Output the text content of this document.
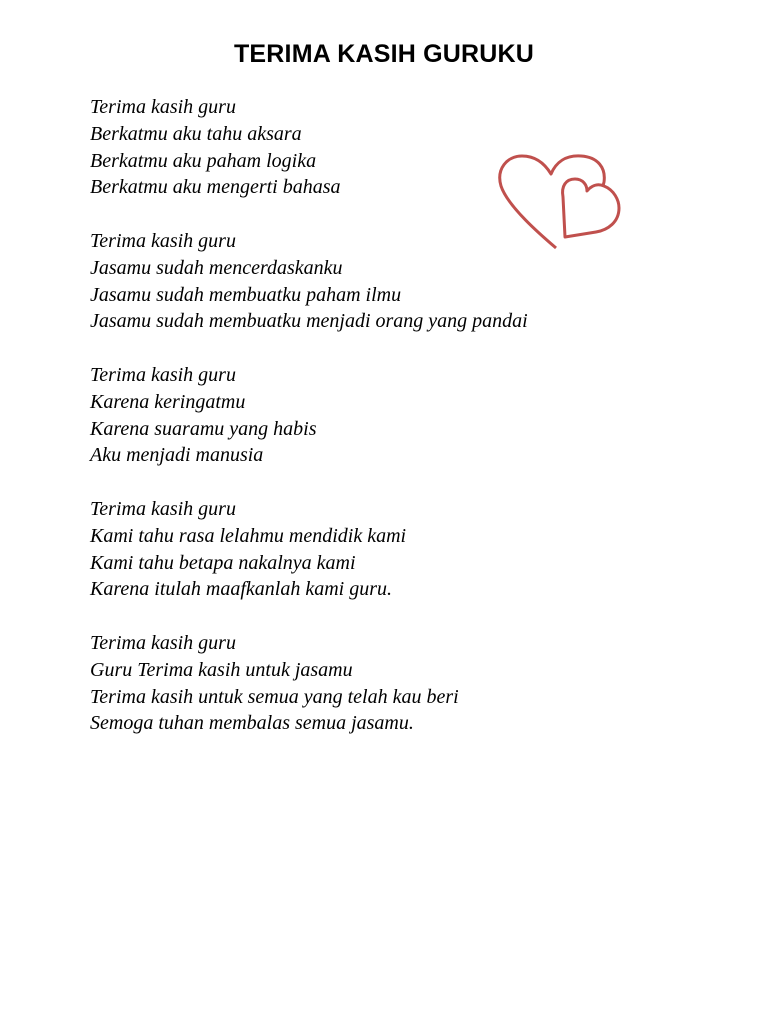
TERIMA KASIH GURUKU
Terima kasih guru
Berkatmu aku tahu aksara
Berkatmu aku paham logika
Berkatmu aku mengerti bahasa
Terima kasih guru
Jasamu sudah mencerdaskanku
Jasamu sudah membuatku paham ilmu
Jasamu sudah membuatku menjadi orang yang pandai
Terima kasih guru
Karena keringatmu
Karena suaramu yang habis
Aku menjadi manusia
Terima kasih guru
Kami tahu rasa lelahmu mendidik kami
Kami tahu betapa nakalnya kami
Karena itulah maafkanlah kami guru.
Terima kasih guru
Guru Terima kasih untuk jasamu
Terima kasih untuk semua yang telah kau beri
Semoga tuhan membalas semua jasamu.
